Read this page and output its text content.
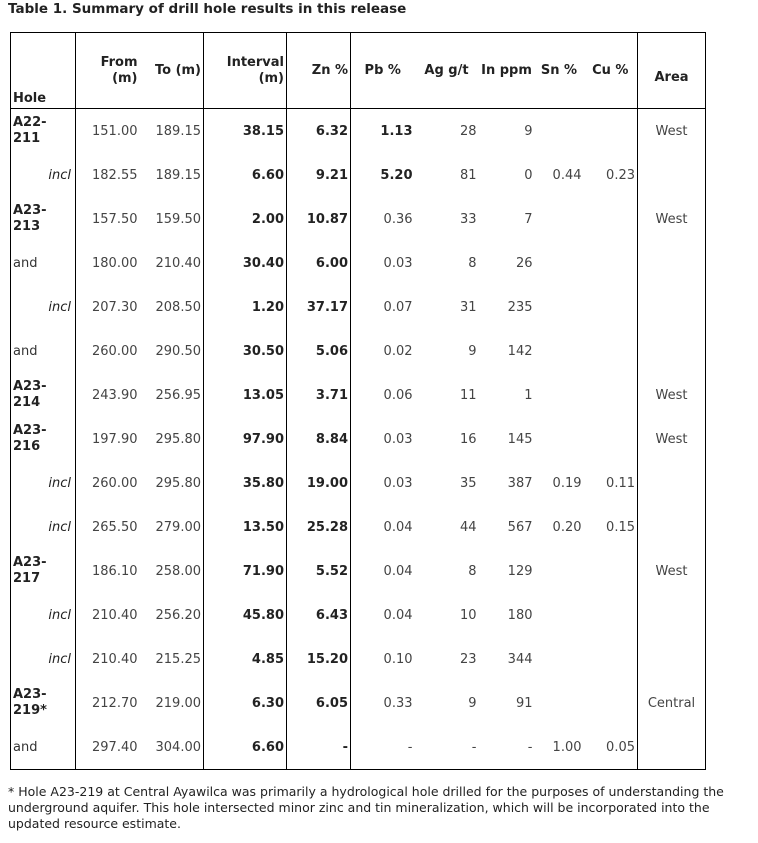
Table 1. Summary of drill hole results in this release
Hole	From (m)	To (m)	Interval (m)	Zn %	Pb %	Ag g/t	In ppm	Sn %	Cu %	Area

A22-211	151.00	189.15	38.15	6.32	1.13	28	9			West

incl	182.55	189.15	6.60	9.21	5.20	81	0	0.44	0.23	

A23-213	157.50	159.50	2.00	10.87	0.36	33	7			West
and	180.00	210.40	30.40	6.00	0.03	8	26			

incl	207.30	208.50	1.20	37.17	0.07	31	235			
and	260.00	290.50	30.50	5.06	0.02	9	142			

A23-214	243.90	256.95	13.05	3.71	0.06	11	1			West

A23-216	197.90	295.80	97.90	8.84	0.03	16	145			West

incl	260.00	295.80	35.80	19.00	0.03	35	387	0.19	0.11	

incl	265.50	279.00	13.50	25.28	0.04	44	567	0.20	0.15	

A23-217	186.10	258.00	71.90	5.52	0.04	8	129			West

incl	210.40	256.20	45.80	6.43	0.04	10	180			

incl	210.40	215.25	4.85	15.20	0.10	23	344			

A23-219*	212.70	219.00	6.30	6.05	0.33	9	91			Central
and	297.40	304.00	6.60	-	-	-	-	1.00	0.05	
* Hole A23-219 at Central Ayawilca was primarily a hydrological hole drilled for the purposes of understanding the underground aquifer. This hole intersected minor zinc and tin mineralization, which will be incorporated into the updated resource estimate.
